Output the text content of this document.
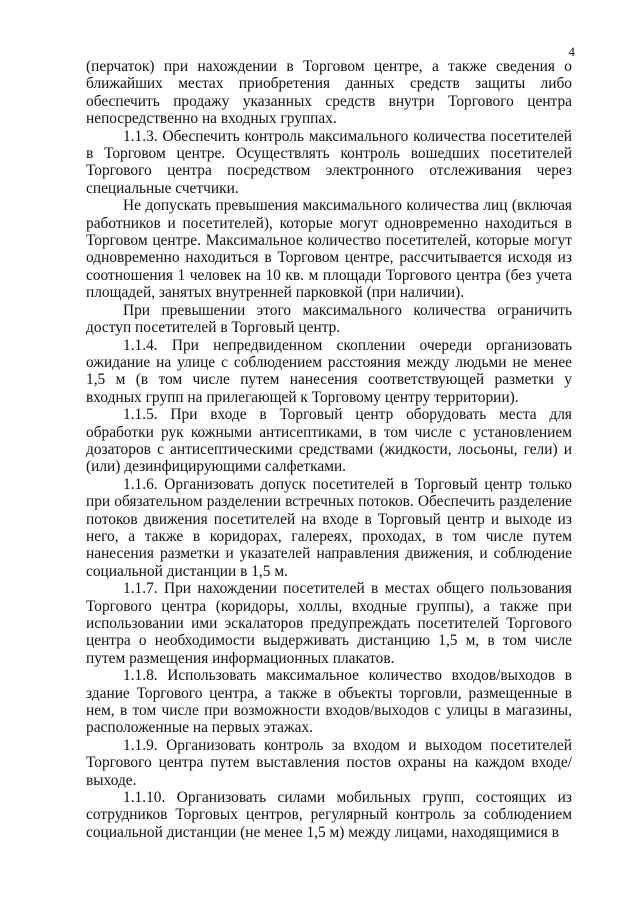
4

(перчаток) при нахождении в Торговом центре, а также сведения о ближайших местах приобретения данных средств защиты либо обеспечить продажу указанных средств внутри Торгового центра непосредственно на входных группах.

1.1.3. Обеспечить контроль максимального количества посетителей в Торговом центре. Осуществлять контроль вошедших посетителей Торгового центра посредством электронного отслеживания через специальные счетчики.

Не допускать превышения максимального количества лиц (включая работников и посетителей), которые могут одновременно находиться в Торговом центре. Максимальное количество посетителей, которые могут одновременно находиться в Торговом центре, рассчитывается исходя из соотношения 1 человек на 10 кв. м площади Торгового центра (без учета площадей, занятых внутренней парковкой (при наличии).

При превышении этого максимального количества ограничить доступ посетителей в Торговый центр.

1.1.4. При непредвиденном скоплении очереди организовать ожидание на улице с соблюдением расстояния между людьми не менее 1,5 м (в том числе путем нанесения соответствующей разметки у входных групп на прилегающей к Торговому центру территории).

1.1.5. При входе в Торговый центр оборудовать места для обработки рук кожными антисептиками, в том числе с установлением дозаторов с антисептическими средствами (жидкости, лосьоны, гели) и (или) дезинфицирующими салфетками.

1.1.6. Организовать допуск посетителей в Торговый центр только при обязательном разделении встречных потоков. Обеспечить разделение потоков движения посетителей на входе в Торговый центр и выходе из него, а также в коридорах, галереях, проходах, в том числе путем нанесения разметки и указателей направления движения, и соблюдение социальной дистанции в 1,5 м.

1.1.7. При нахождении посетителей в местах общего пользования Торгового центра (коридоры, холлы, входные группы), а также при использовании ими эскалаторов предупреждать посетителей Торгового центра о необходимости выдерживать дистанцию 1,5 м, в том числе путем размещения информационных плакатов.

1.1.8. Использовать максимальное количество входов/выходов в здание Торгового центра, а также в объекты торговли, размещенные в нем, в том числе при возможности входов/выходов с улицы в магазины, расположенные на первых этажах.

1.1.9. Организовать контроль за входом и выходом посетителей Торгового центра путем выставления постов охраны на каждом входе/выходе.

1.1.10. Организовать силами мобильных групп, состоящих из сотрудников Торговых центров, регулярный контроль за соблюдением социальной дистанции (не менее 1,5 м) между лицами, находящимися в
